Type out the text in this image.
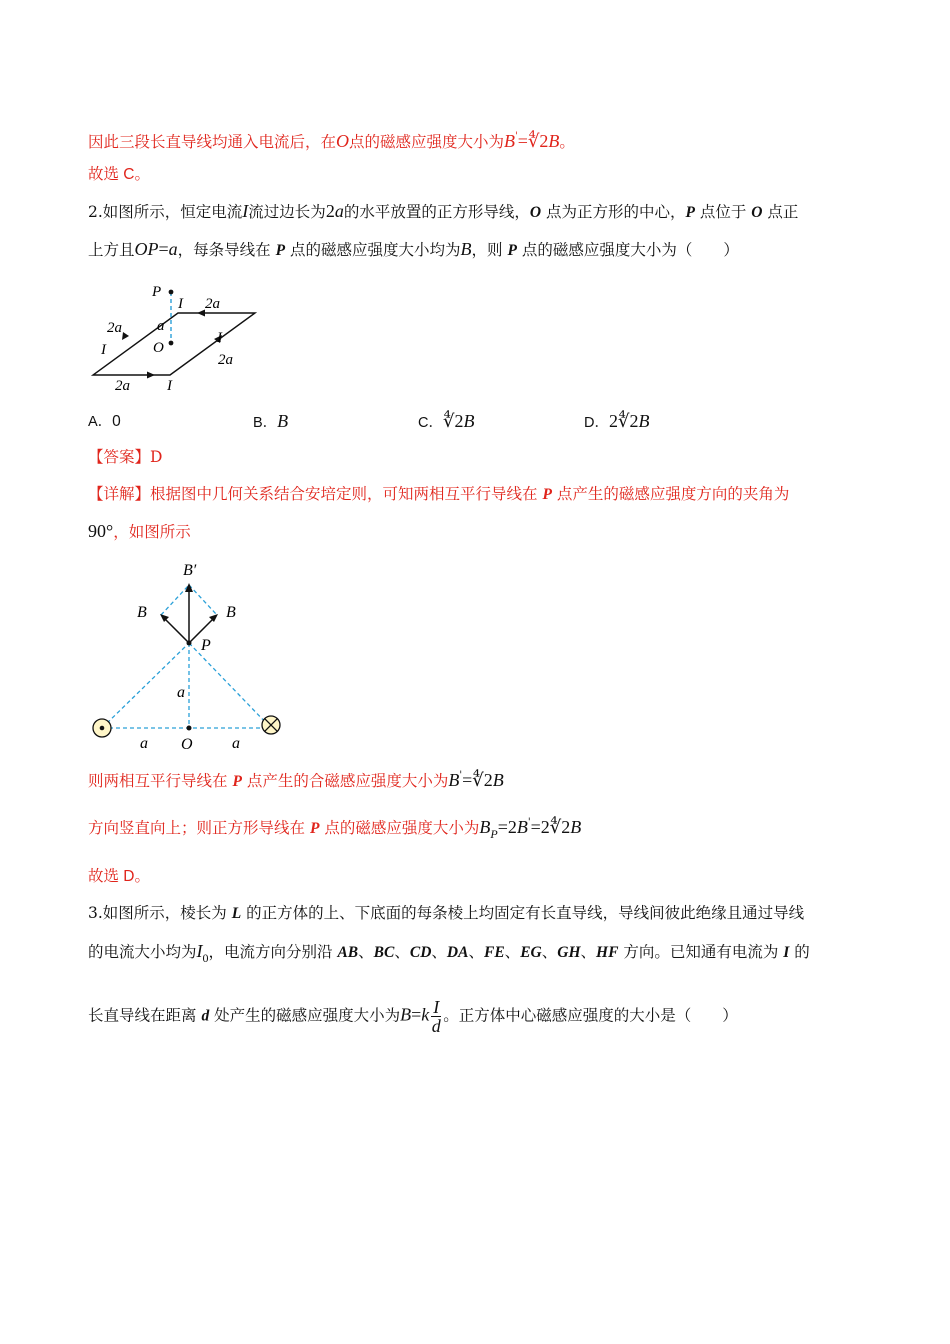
因此三段长直导线均通入电流后，在O点的磁感应强度大小为B'=∜2B。
故选 C。
2.如图所示，恒定电流I流过边长为2a的水平放置的正方形导线，O 点为正方形的中心，P 点位于 O 点正
上方且OP=a，每条导线在 P 点的磁感应强度大小均为B，则 P 点的磁感应强度大小为（　　）
P
I 2a
2a
I
a
O
I
2a
2a I
A．0	B．B	C．∜2B	D．2∜2B
【答案】D
【详解】根据图中几何关系结合安培定则，可知两相互平行导线在 P 点产生的磁感应强度方向的夹角为
90°，如图所示
B′
B	B
P
a
a O a
则两相互平行导线在 P 点产生的合磁感应强度大小为B'=∜2B
方向竖直向上；则正方形导线在 P 点的磁感应强度大小为$B_P=2B'=2∜2B$
故选 D。
3.如图所示，棱长为 L 的正方体的上、下底面的每条棱上均固定有长直导线，导线间彼此绝缘且通过导线
的电流大小均为$I_0$，电流方向分别沿 AB、BC、CD、DA、FE、EG、GH、HF 方向。已知通有电流为 I 的
长直导线在距离 d 处产生的磁感应强度大小为$B=k \frac{I}{d}$ 。正方体中心磁感应强度的大小是（　　）
